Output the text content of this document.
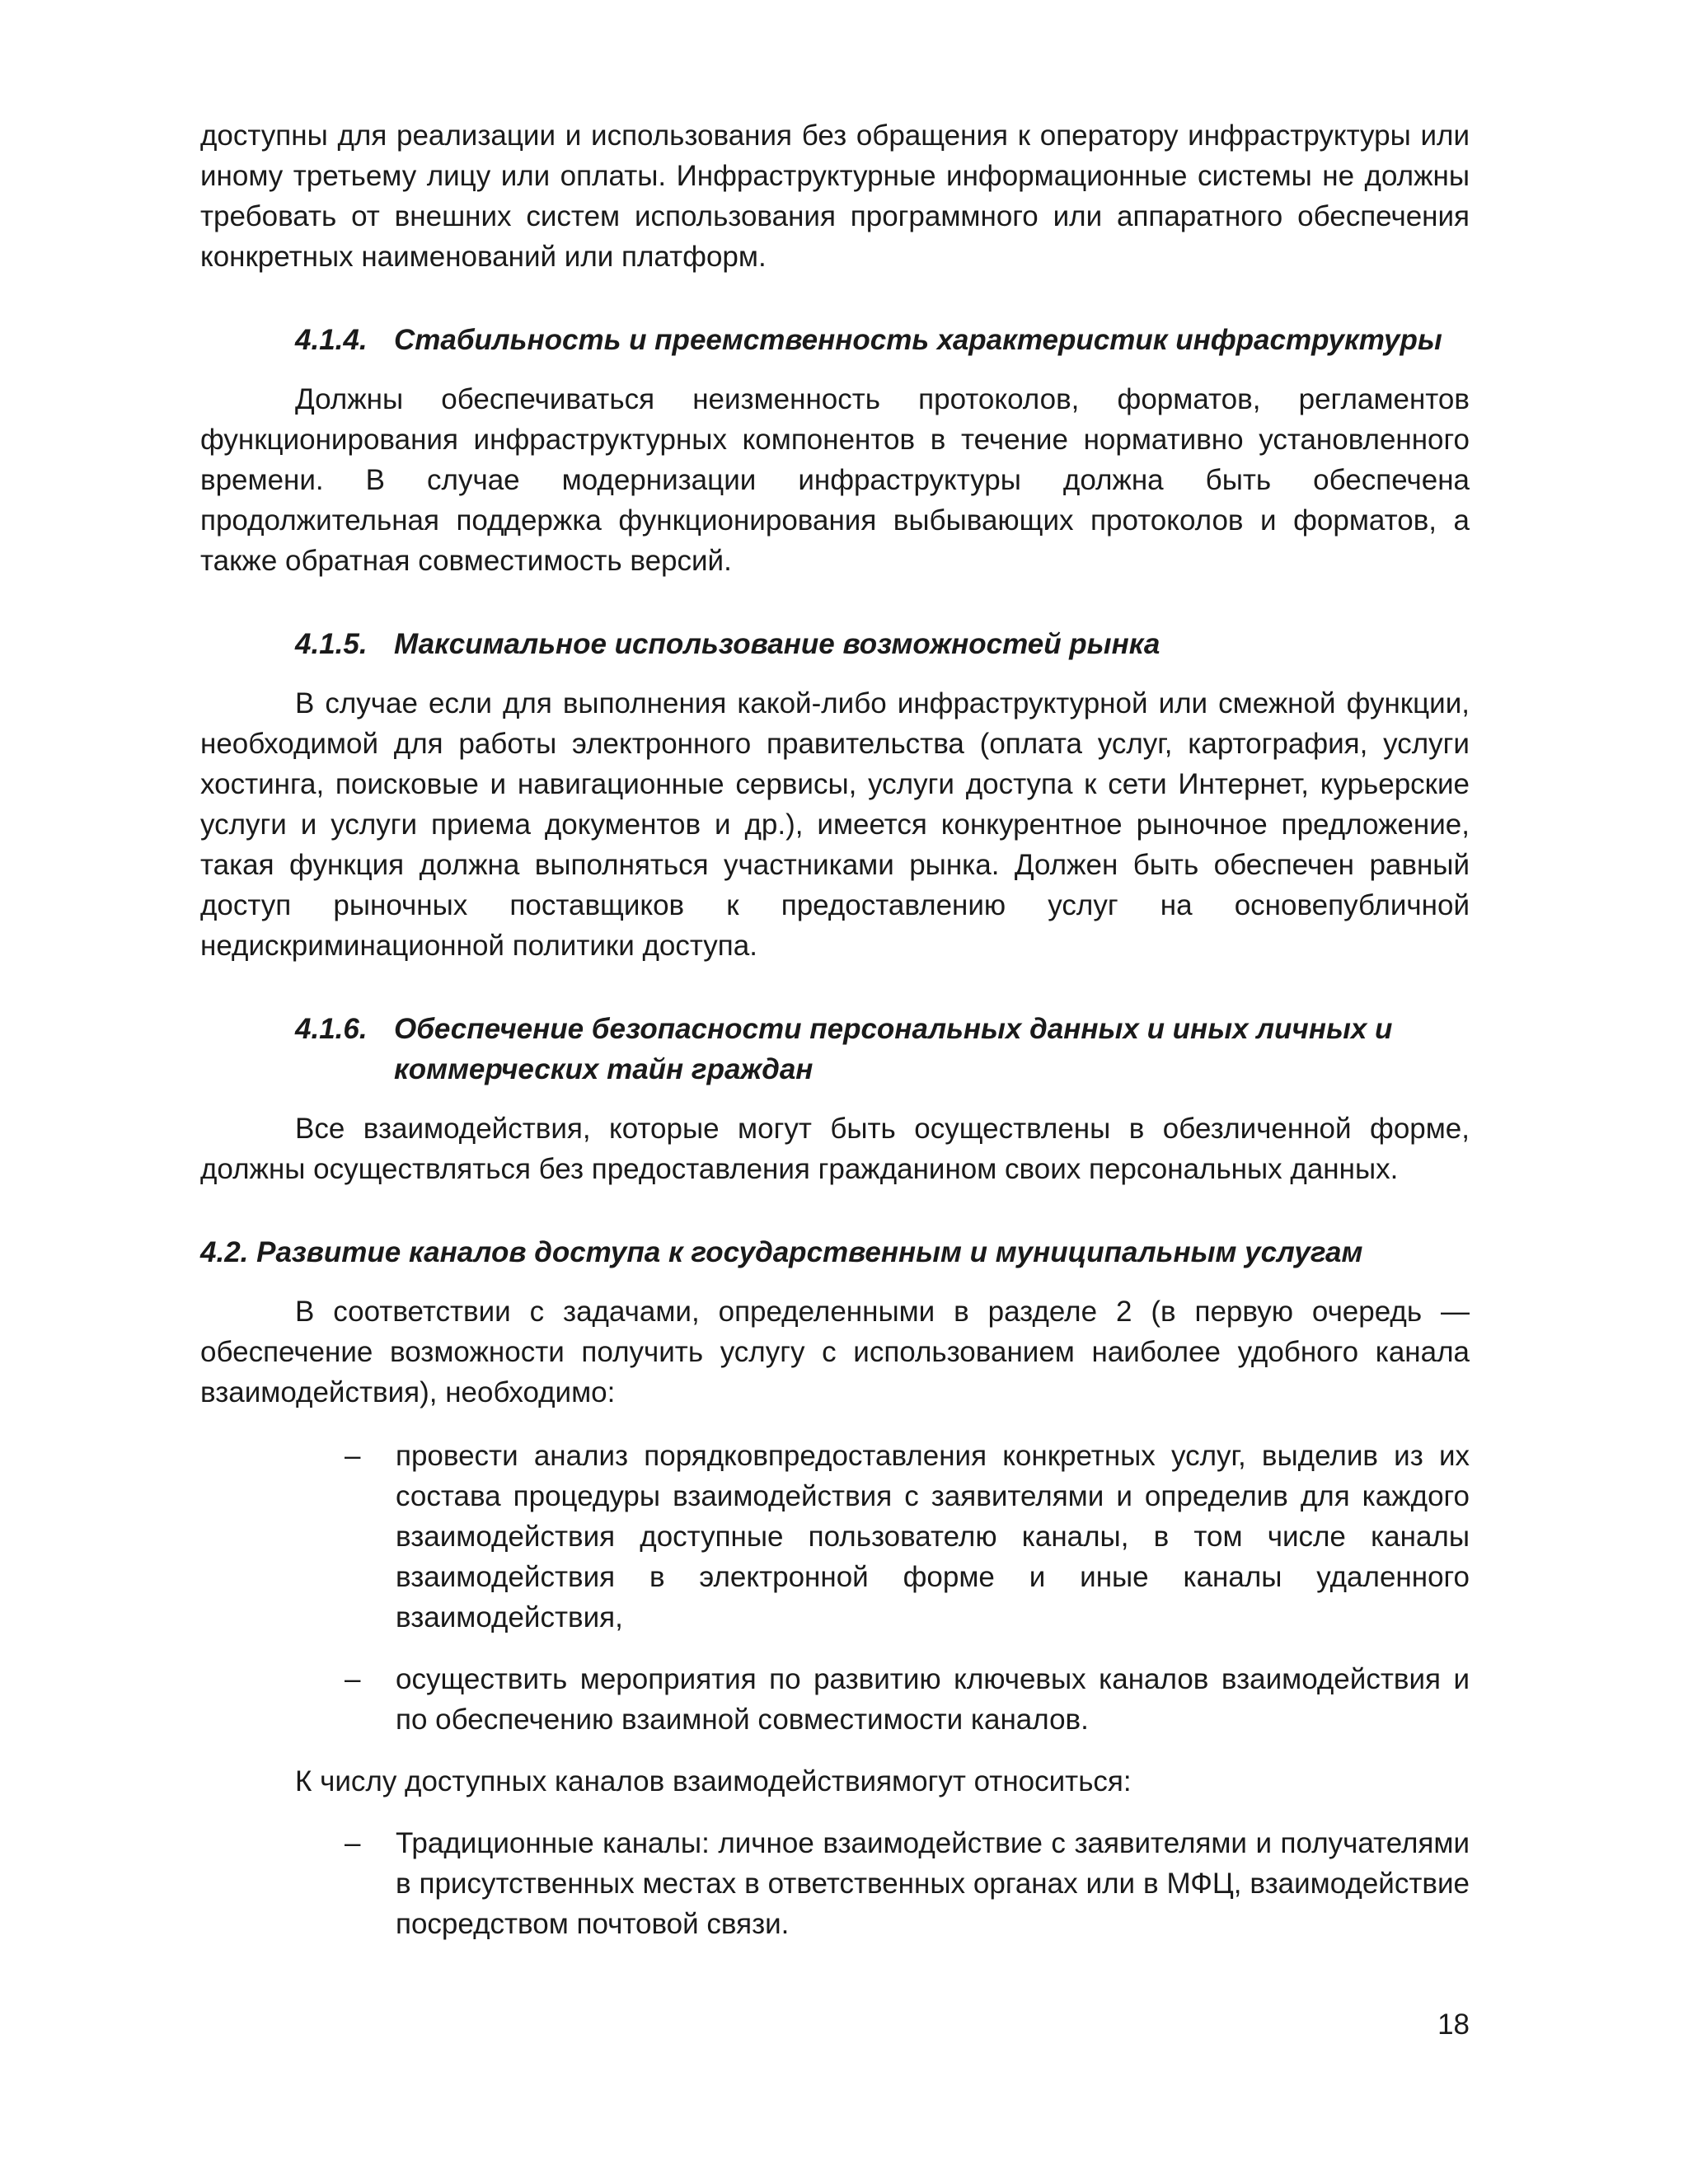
доступны для реализации и использования без обращения к оператору инфраструктуры или иному третьему лицу или оплаты. Инфраструктурные информационные системы не должны требовать от внешних систем использования программного или аппаратного обеспечения конкретных наименований или платформ.

4.1.4. Стабильность и преемственность характеристик инфраструктуры

Должны обеспечиваться неизменность протоколов, форматов, регламентов функционирования инфраструктурных компонентов в течение нормативно установленного времени. В случае модернизации инфраструктуры должна быть обеспечена продолжительная поддержка функционирования выбывающих протоколов и форматов, а также обратная совместимость версий.

4.1.5. Максимальное использование возможностей рынка

В случае если для выполнения какой-либо инфраструктурной или смежной функции, необходимой для работы электронного правительства (оплата услуг, картография, услуги хостинга, поисковые и навигационные сервисы, услуги доступа к сети Интернет, курьерские услуги и услуги приема документов и др.), имеется конкурентное рыночное предложение, такая функция должна выполняться участниками рынка. Должен быть обеспечен равный доступ рыночных поставщиков к предоставлению услуг на основепубличной недискриминационной политики доступа.

4.1.6. Обеспечение безопасности персональных данных и иных личных и коммерческих тайн граждан

Все взаимодействия, которые могут быть осуществлены в обезличенной форме, должны осуществляться без предоставления гражданином своих персональных данных.

4.2. Развитие каналов доступа к государственным и муниципальным услугам

В соответствии с задачами, определенными в разделе 2 (в первую очередь — обеспечение возможности получить услугу с использованием наиболее удобного канала взаимодействия), необходимо:

– провести анализ порядковпредоставления конкретных услуг, выделив из их состава процедуры взаимодействия с заявителями и определив для каждого взаимодействия доступные пользователю каналы, в том числе каналы взаимодействия в электронной форме и иные каналы удаленного взаимодействия,
– осуществить мероприятия по развитию ключевых каналов взаимодействия и по обеспечению взаимной совместимости каналов.

К числу доступных каналов взаимодействиямогут относиться:

– Традиционные каналы: личное взаимодействие с заявителями и получателями в присутственных местах в ответственных органах или в МФЦ, взаимодействие посредством почтовой связи.
18
